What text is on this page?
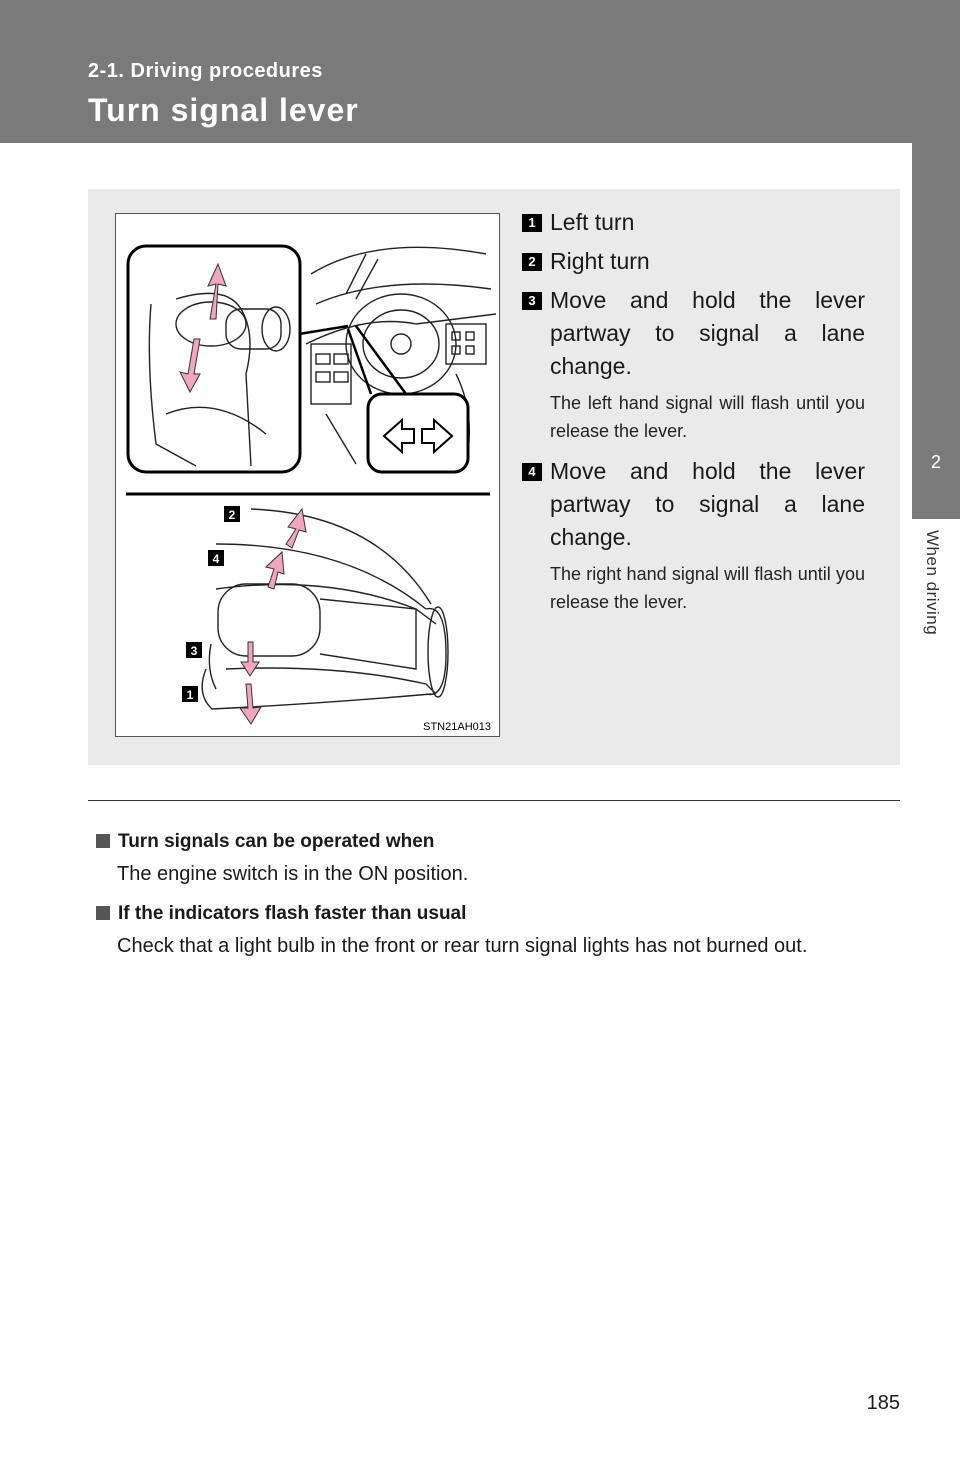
2-1. Driving procedures
Turn signal lever
2
When driving
2
4
3
1
STN21AH013
1 Left turn
2 Right turn
3 Move and hold the lever partway to signal a lane change.
The left hand signal will flash until you release the lever.
4 Move and hold the lever partway to signal a lane change.
The right hand signal will flash until you release the lever.
Turn signals can be operated when
The engine switch is in the ON position.
If the indicators flash faster than usual
Check that a light bulb in the front or rear turn signal lights has not burned out.
185
